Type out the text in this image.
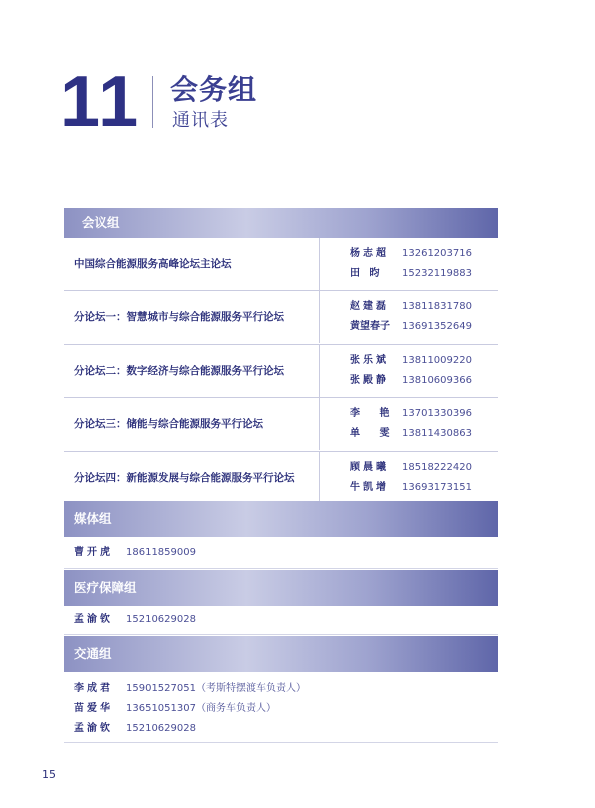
11 会务组
通讯表
会议组
中国综合能源服务高峰论坛主论坛
杨志超 13261203716
田 昀 15232119883
分论坛一：智慧城市与综合能源服务平行论坛
赵建磊 13811831780
黄望春子 13691352649
分论坛二：数字经济与综合能源服务平行论坛
张乐斌 13811009220
张殿静 13810609366
分论坛三：储能与综合能源服务平行论坛
李 艳 13701330396
单 雯 13811430863
分论坛四：新能源发展与综合能源服务平行论坛
顾晨曦 18518222420
牛凯增 13693173151
媒体组
曹开虎 18611859009
医疗保障组
孟渝钦 15210629028
交通组
李成君 15901527051（考斯特摆渡车负责人）
苗爱华 13651051307（商务车负责人）
孟渝钦 15210629028
15
